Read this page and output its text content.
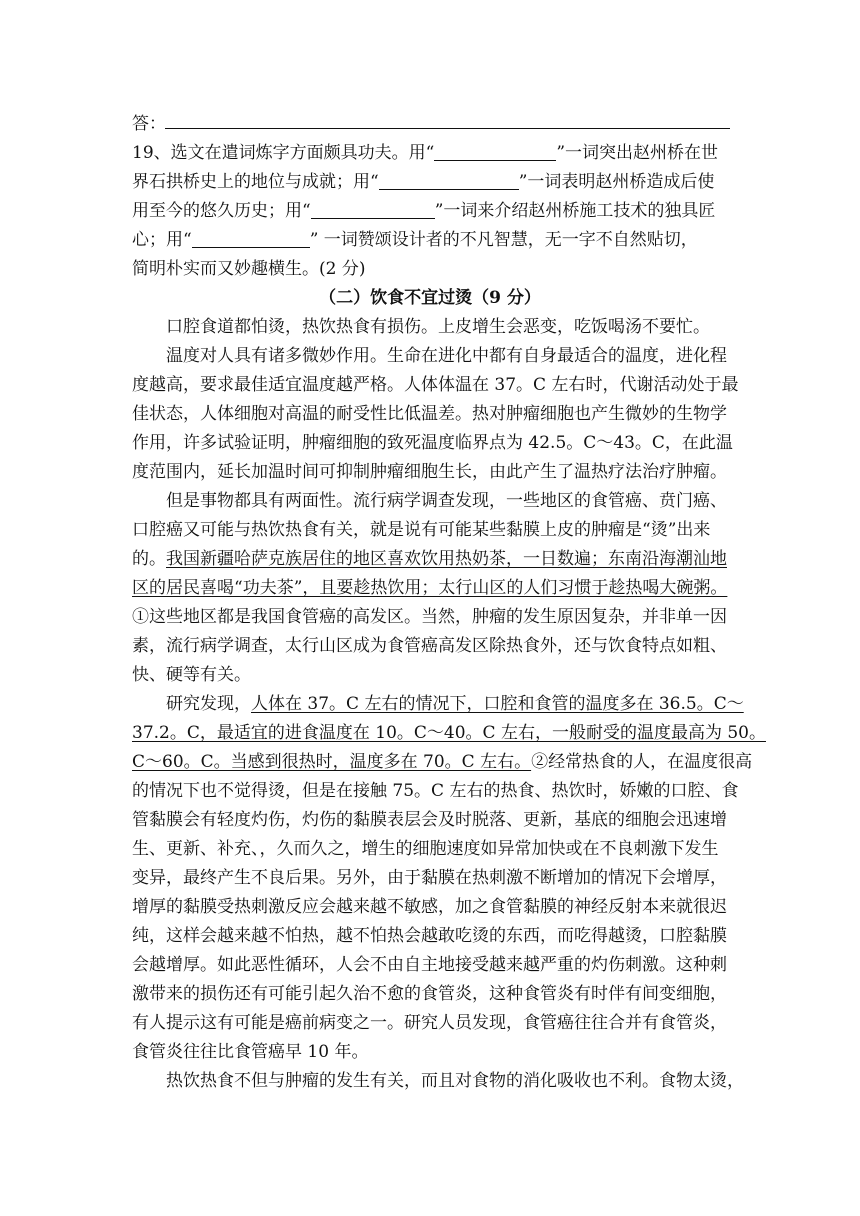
答：
19、选文在遣词炼字方面颇具功夫。用“	”一词突出赵州桥在世
界石拱桥史上的地位与成就；用“	”一词表明赵州桥造成后使
用至今的悠久历史；用“	”一词来介绍赵州桥施工技术的独具匠
心；用“	” 一词赞颂设计者的不凡智慧，无一字不自然贴切，
简明朴实而又妙趣横生。(2 分)
（二）饮食不宜过烫（9 分）
口腔食道都怕烫，热饮热食有损伤。上皮增生会恶变，吃饭喝汤不要忙。
温度对人具有诸多微妙作用。生命在进化中都有自身最适合的温度，进化程
度越高，要求最佳适宜温度越严格。人体体温在 37。C 左右时，代谢活动处于最
佳状态，人体细胞对高温的耐受性比低温差。热对肿瘤细胞也产生微妙的生物学
作用，许多试验证明，肿瘤细胞的致死温度临界点为 42.5。C～43。C，在此温
度范围内，延长加温时间可抑制肿瘤细胞生长，由此产生了温热疗法治疗肿瘤。
但是事物都具有两面性。流行病学调查发现，一些地区的食管癌、贲门癌、
口腔癌又可能与热饮热食有关，就是说有可能某些黏膜上皮的肿瘤是“烫”出来
的。我国新疆哈萨克族居住的地区喜欢饮用热奶茶，一日数遍；东南沿海潮汕地
区的居民喜喝“功夫茶”，且要趁热饮用；太行山区的人们习惯于趁热喝大碗粥。
①这些地区都是我国食管癌的高发区。当然，肿瘤的发生原因复杂，并非单一因
素，流行病学调查，太行山区成为食管癌高发区除热食外，还与饮食特点如粗、
快、硬等有关。
研究发现，人体在 37。C 左右的情况下，口腔和食管的温度多在 36.5。C～
37.2。C，最适宜的进食温度在 10。C～40。C 左右，一般耐受的温度最高为 50。
C～60。C。当感到很热时，温度多在 70。C 左右。②经常热食的人，在温度很高
的情况下也不觉得烫，但是在接触 75。C 左右的热食、热饮时，娇嫩的口腔、食
管黏膜会有轻度灼伤，灼伤的黏膜表层会及时脱落、更新，基底的细胞会迅速增
生、更新、补充、，久而久之，增生的细胞速度如异常加快或在不良刺激下发生
变异，最终产生不良后果。另外，由于黏膜在热刺激不断增加的情况下会增厚，
增厚的黏膜受热刺激反应会越来越不敏感，加之食管黏膜的神经反射本来就很迟
纯，这样会越来越不怕热，越不怕热会越敢吃烫的东西，而吃得越烫，口腔黏膜
会越增厚。如此恶性循环，人会不由自主地接受越来越严重的灼伤刺激。这种刺
激带来的损伤还有可能引起久治不愈的食管炎，这种食管炎有时伴有间变细胞，
有人提示这有可能是癌前病变之一。研究人员发现，食管癌往往合并有食管炎，
食管炎往往比食管癌早 10 年。
热饮热食不但与肿瘤的发生有关，而且对食物的消化吸收也不利。食物太烫，
